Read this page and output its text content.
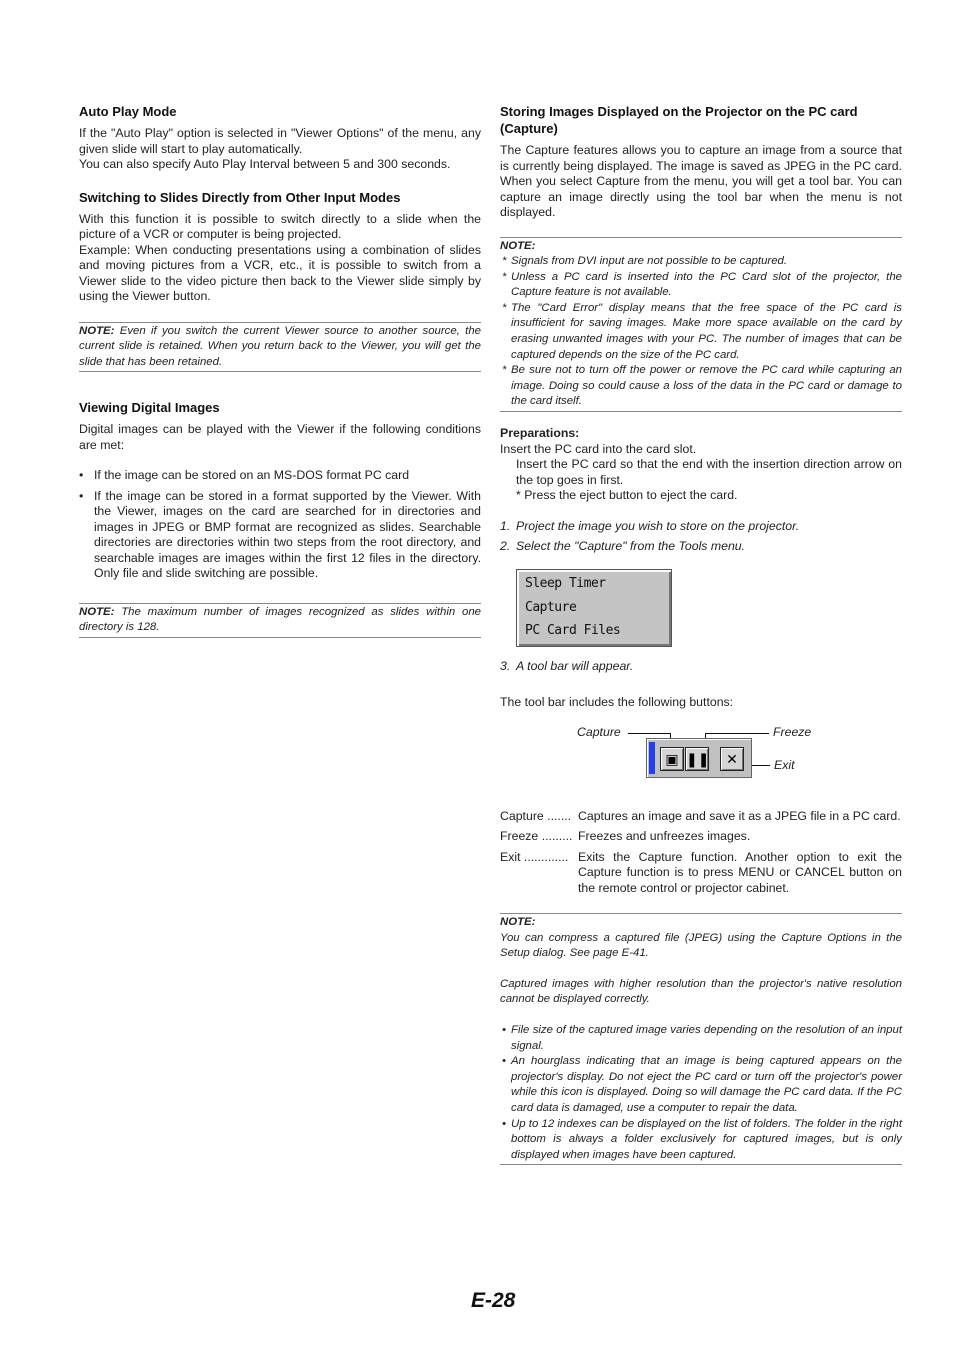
Auto Play Mode

If the "Auto Play" option is selected in "Viewer Options" of the menu, any given slide will start to play automatically.

You can also specify Auto Play Interval between 5 and 300 seconds.

Switching to Slides Directly from Other Input Modes

With this function it is possible to switch directly to a slide when the picture of a VCR or computer is being projected.

Example: When conducting presentations using a combination of slides and moving pictures from a VCR, etc., it is possible to switch from a Viewer slide to the video picture then back to the Viewer slide simply by using the Viewer button.

NOTE: Even if you switch the current Viewer source to another source, the current slide is retained. When you return back to the Viewer, you will get the slide that has been retained.
Viewing Digital Images

Digital images can be played with the Viewer if the following conditions are met:

• If the image can be stored on an MS-DOS format PC card
• If the image can be stored in a format supported by the Viewer. With the Viewer, images on the card are searched for in directories and images in JPEG or BMP format are recognized as slides. Searchable directories are directories within two steps from the root directory, and searchable images are images within the first 12 files in the directory. Only file and slide switching are possible.
NOTE: The maximum number of images recognized as slides within one directory is 128.
Storing Images Displayed on the Projector on the PC card (Capture)

The Capture features allows you to capture an image from a source that is currently being displayed. The image is saved as JPEG in the PC card. When you select Capture from the menu, you will get a tool bar. You can capture an image directly using the tool bar when the menu is not displayed.

NOTE:
* Signals from DVI input are not possible to be captured.
* Unless a PC card is inserted into the PC Card slot of the projector, the Capture feature is not available.
* The "Card Error" display means that the free space of the PC card is insufficient for saving images. Make more space available on the card by erasing unwanted images with your PC. The number of images that can be captured depends on the size of the PC card.
* Be sure not to turn off the power or remove the PC card while capturing an image. Doing so could cause a loss of the data in the PC card or damage to the card itself.

Preparations:

Insert the PC card into the card slot.

Insert the PC card so that the end with the insertion direction arrow on the top goes in first.

* Press the eject button to eject the card.

1. Project the image you wish to store on the projector.
2. Select the "Capture" from the Tools menu.
Sleep Timer
Capture
PC Card Files
3. A tool bar will appear.

The tool bar includes the following buttons:

Capture	Freeze
Exit
▣ ❚❚	✕
Capture ....... Captures an image and save it as a JPEG file in a PC card.
Freeze ......... Freezes and unfreezes images.
Exit ............. Exits the Capture function. Another option to exit the Capture function is to press MENU or CANCEL button on the remote control or projector cabinet.
NOTE:

You can compress a captured file (JPEG) using the Capture Options in the Setup dialog. See page E-41.

Captured images with higher resolution than the projector's native resolution cannot be displayed correctly.

• File size of the captured image varies depending on the resolution of an input signal.
• An hourglass indicating that an image is being captured appears on the projector's display. Do not eject the PC card or turn off the projector's power while this icon is displayed. Doing so will damage the PC card data. If the PC card data is damaged, use a computer to repair the data.
• Up to 12 indexes can be displayed on the list of folders. The folder in the right bottom is always a folder exclusively for captured images, but is only displayed when images have been captured.
E-28
